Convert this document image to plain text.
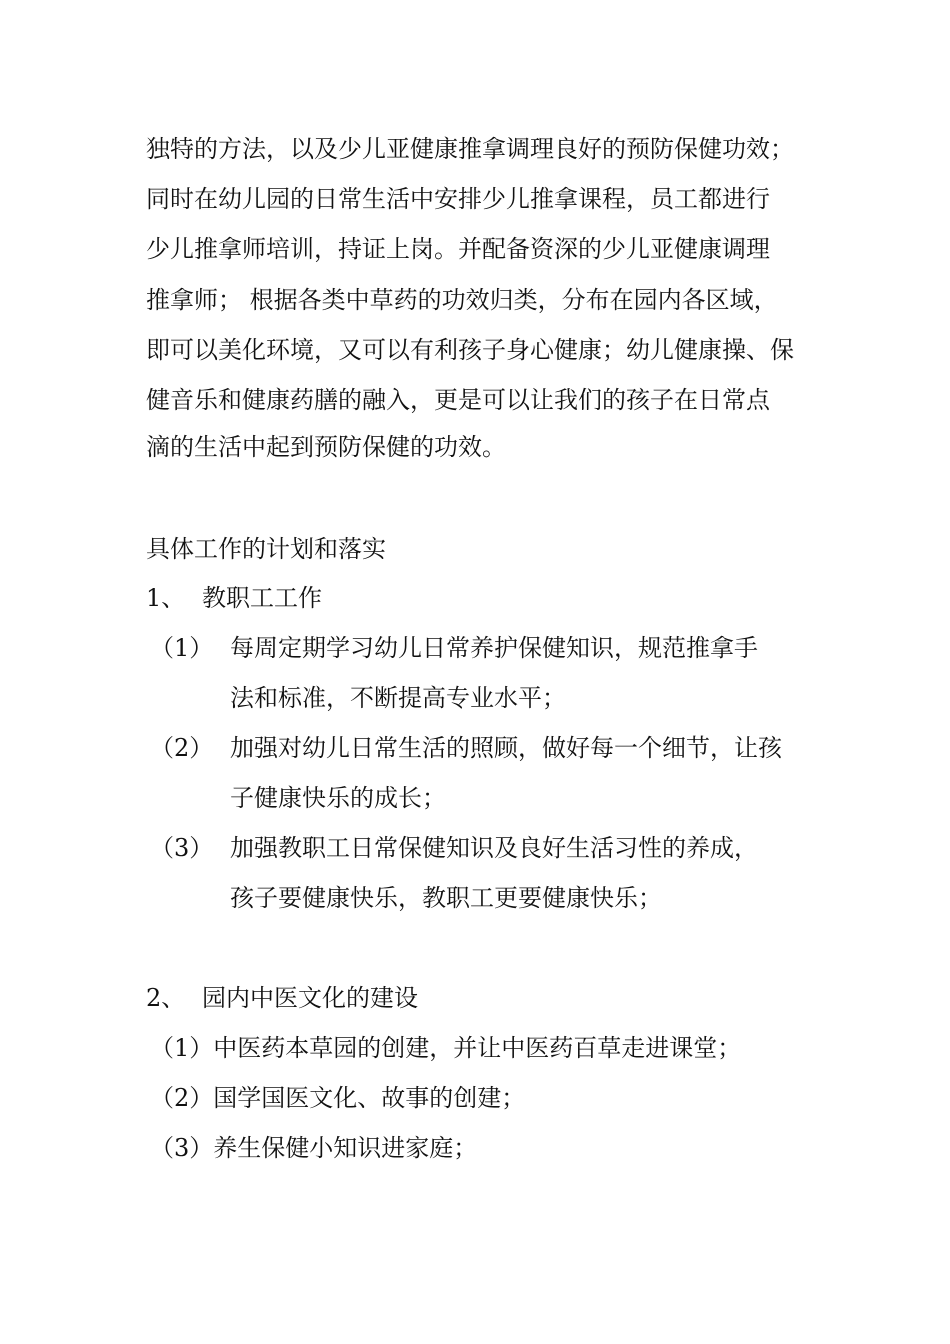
独特的方法，以及少儿亚健康推拿调理良好的预防保健功效；
同时在幼儿园的日常生活中安排少儿推拿课程，员工都进行
少儿推拿师培训，持证上岗。并配备资深的少儿亚健康调理
推拿师； 根据各类中草药的功效归类，分布在园内各区域，
即可以美化环境，又可以有利孩子身心健康；幼儿健康操、保
健音乐和健康药膳的融入，更是可以让我们的孩子在日常点
滴的生活中起到预防保健的功效。
具体工作的计划和落实
1、 教职工工作
（1） 每周定期学习幼儿日常养护保健知识，规范推拿手
法和标准，不断提高专业水平；
（2） 加强对幼儿日常生活的照顾，做好每一个细节，让孩
子健康快乐的成长；
（3） 加强教职工日常保健知识及良好生活习性的养成，
孩子要健康快乐，教职工更要健康快乐；
2、 园内中医文化的建设
（1）中医药本草园的创建，并让中医药百草走进课堂；
（2）国学国医文化、故事的创建；
（3）养生保健小知识进家庭；
